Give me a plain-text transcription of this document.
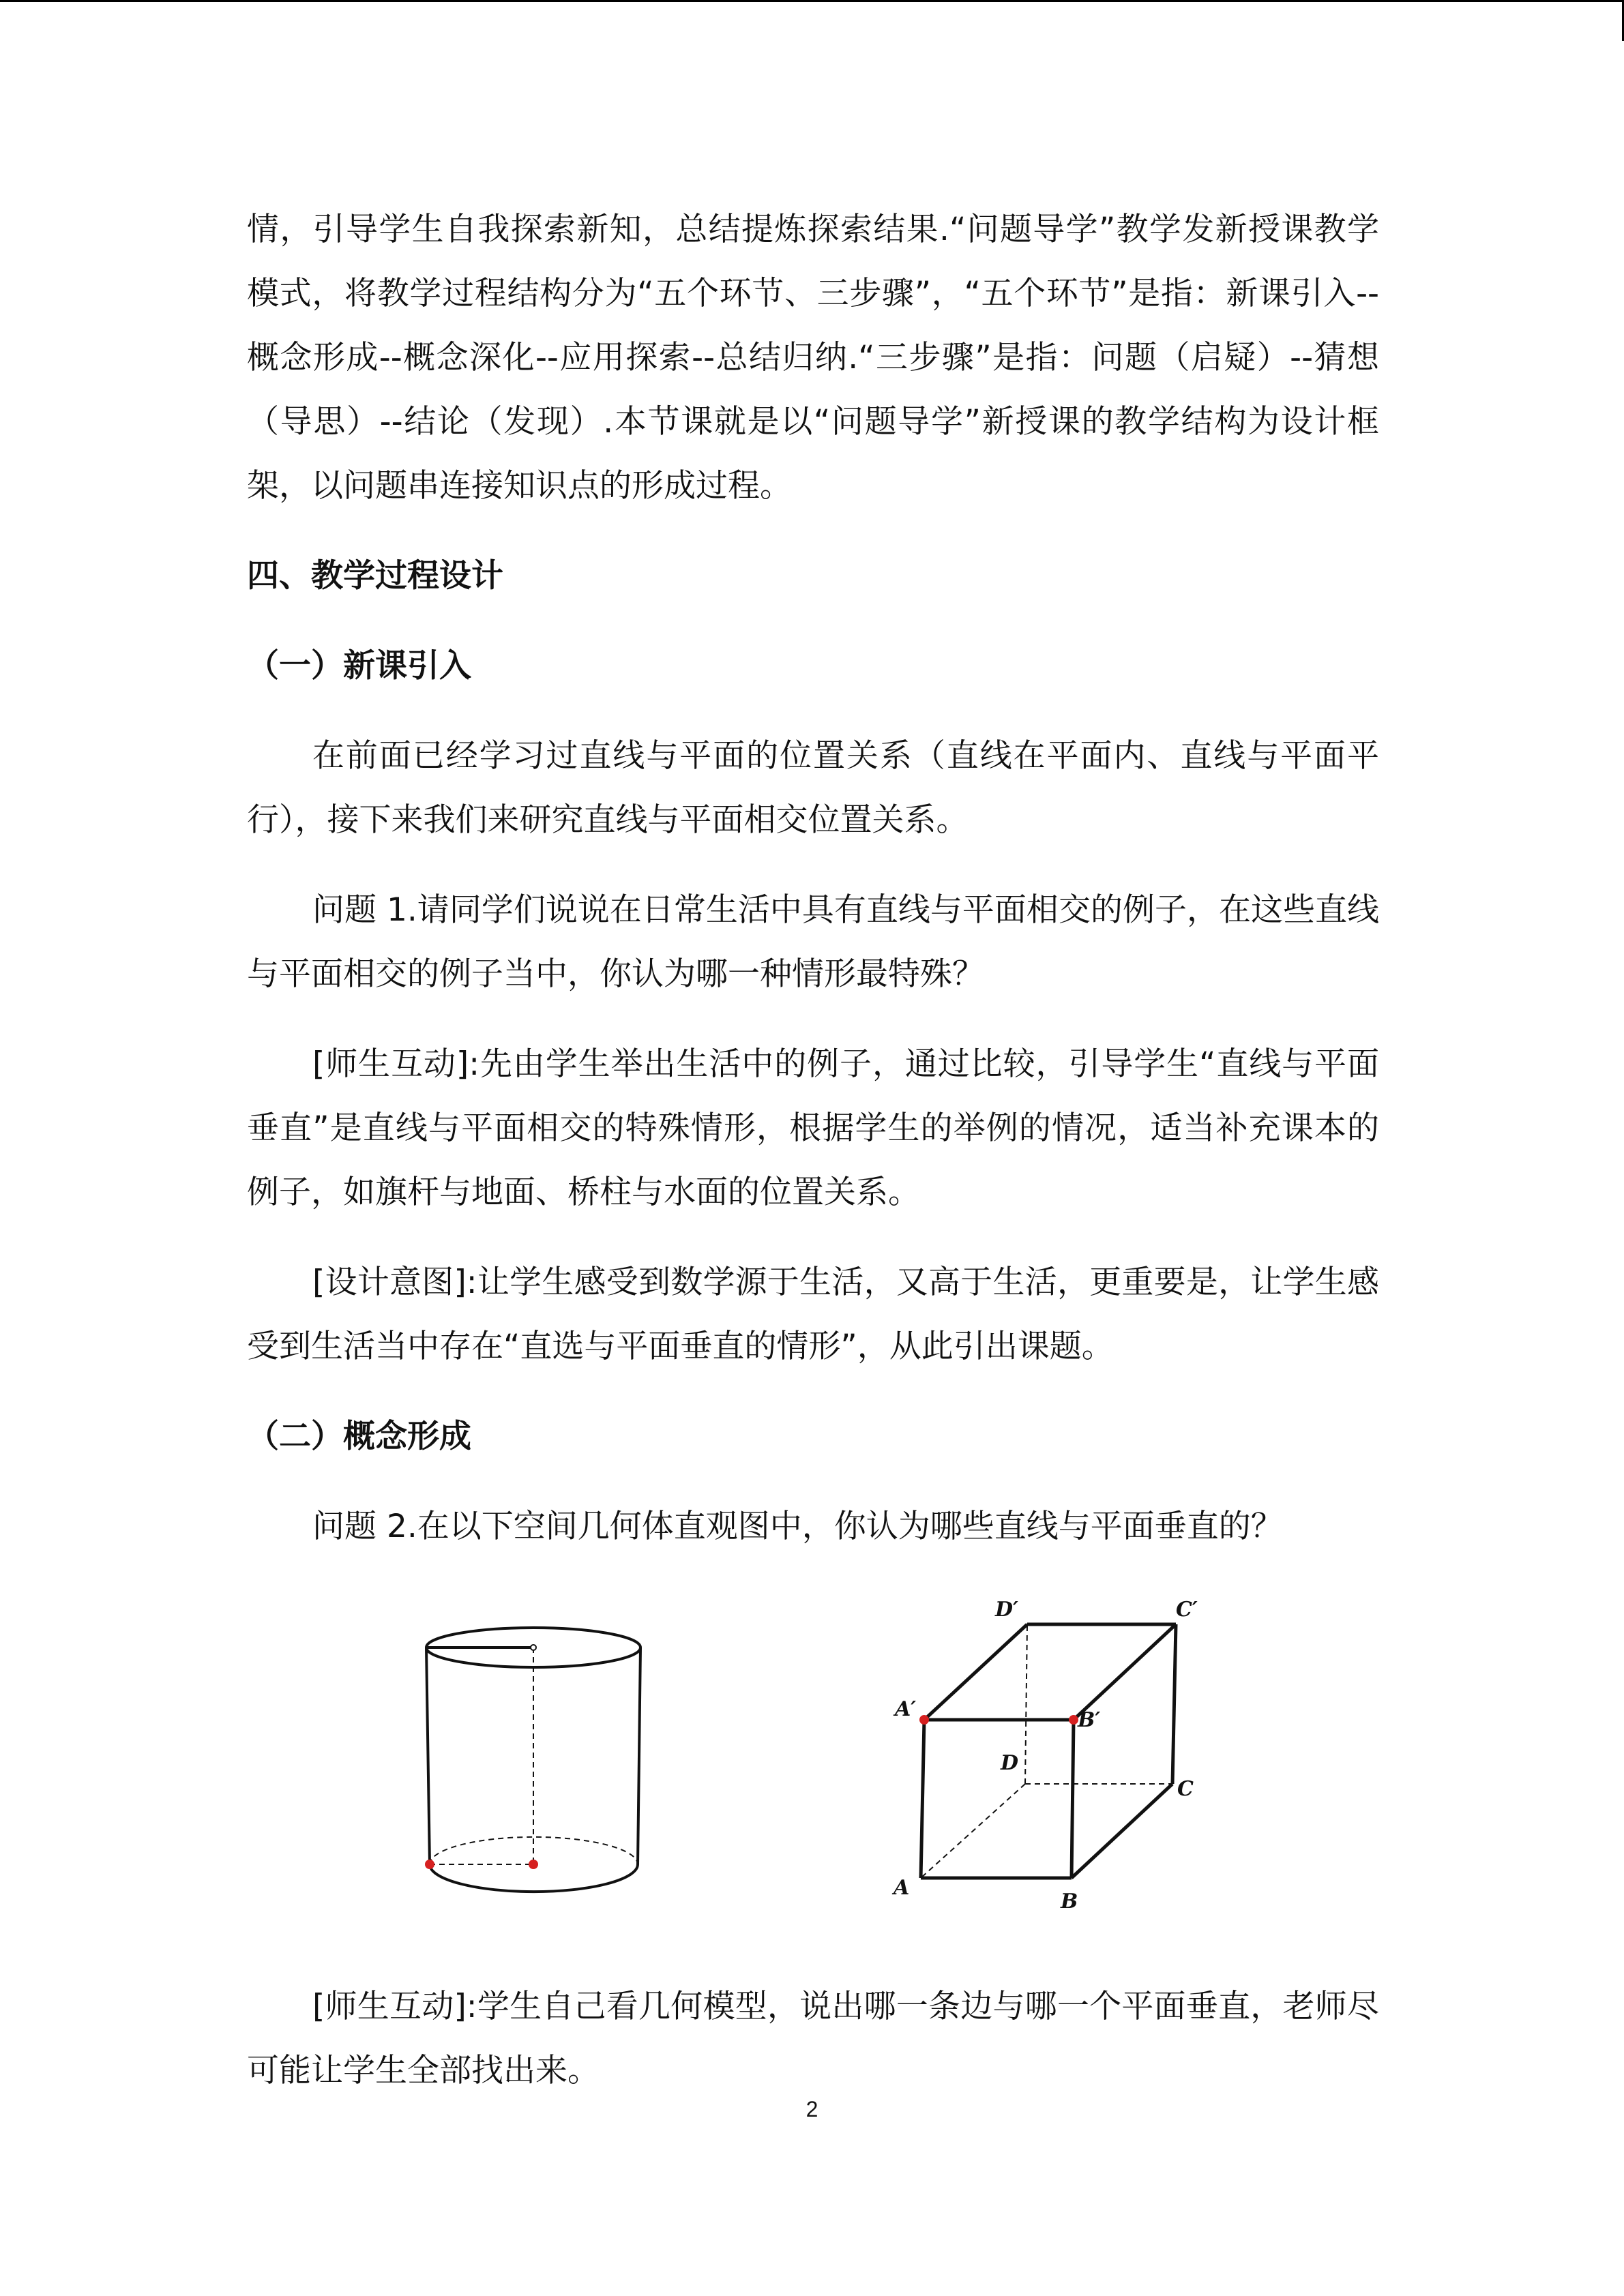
情，引导学生自我探索新知，总结提炼探索结果.“问题导学”教学发新授课教学模式，将教学过程结构分为“五个环节、三步骤”，“五个环节”是指：新课引入--概念形成--概念深化--应用探索--总结归纳.“三步骤”是指：问题（启疑）--猜想（导思）--结论（发现）.本节课就是以“问题导学”新授课的教学结构为设计框架，以问题串连接知识点的形成过程。

四、教学过程设计
（一）新课引入

在前面已经学习过直线与平面的位置关系（直线在平面内、直线与平面平行），接下来我们来研究直线与平面相交位置关系。

问题 1.请同学们说说在日常生活中具有直线与平面相交的例子，在这些直线与平面相交的例子当中，你认为哪一种情形最特殊？

[师生互动]:先由学生举出生活中的例子，通过比较，引导学生“直线与平面垂直”是直线与平面相交的特殊情形，根据学生的举例的情况，适当补充课本的例子，如旗杆与地面、桥柱与水面的位置关系。

[设计意图]:让学生感受到数学源于生活，又高于生活，更重要是，让学生感受到生活当中存在“直选与平面垂直的情形”，从此引出课题。

（二）概念形成

问题 2.在以下空间几何体直观图中，你认为哪些直线与平面垂直的？

D′	C′
A′	B′
D
C
A
B

[师生互动]:学生自己看几何模型，说出哪一条边与哪一个平面垂直，老师尽可能让学生全部找出来。

2
